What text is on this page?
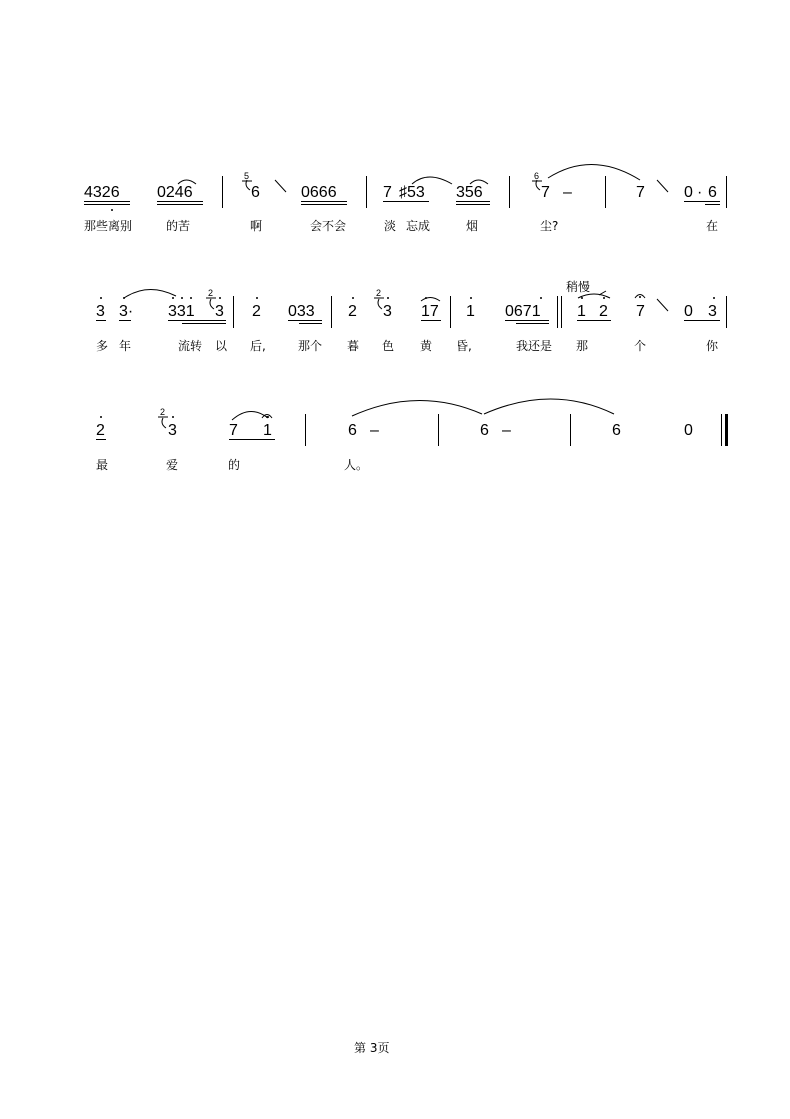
4326 0246
5
6	0666	7 ♯53 356
6
7 –	7 0 · 6
那些离别	的苦	啊	会不会	淡 忘成	烟	尘?	在
稍慢
3 3· 331
2
3 2 033 2
2
3 17 1 0671 1 2 7 0 3
多 年	流转 以 后,	那个 暮 色 黄 昏,	我还是 那	个	你
2
2
3	7 1	6 –	6 –	6	0
最	爱	的	人。
第 3页
